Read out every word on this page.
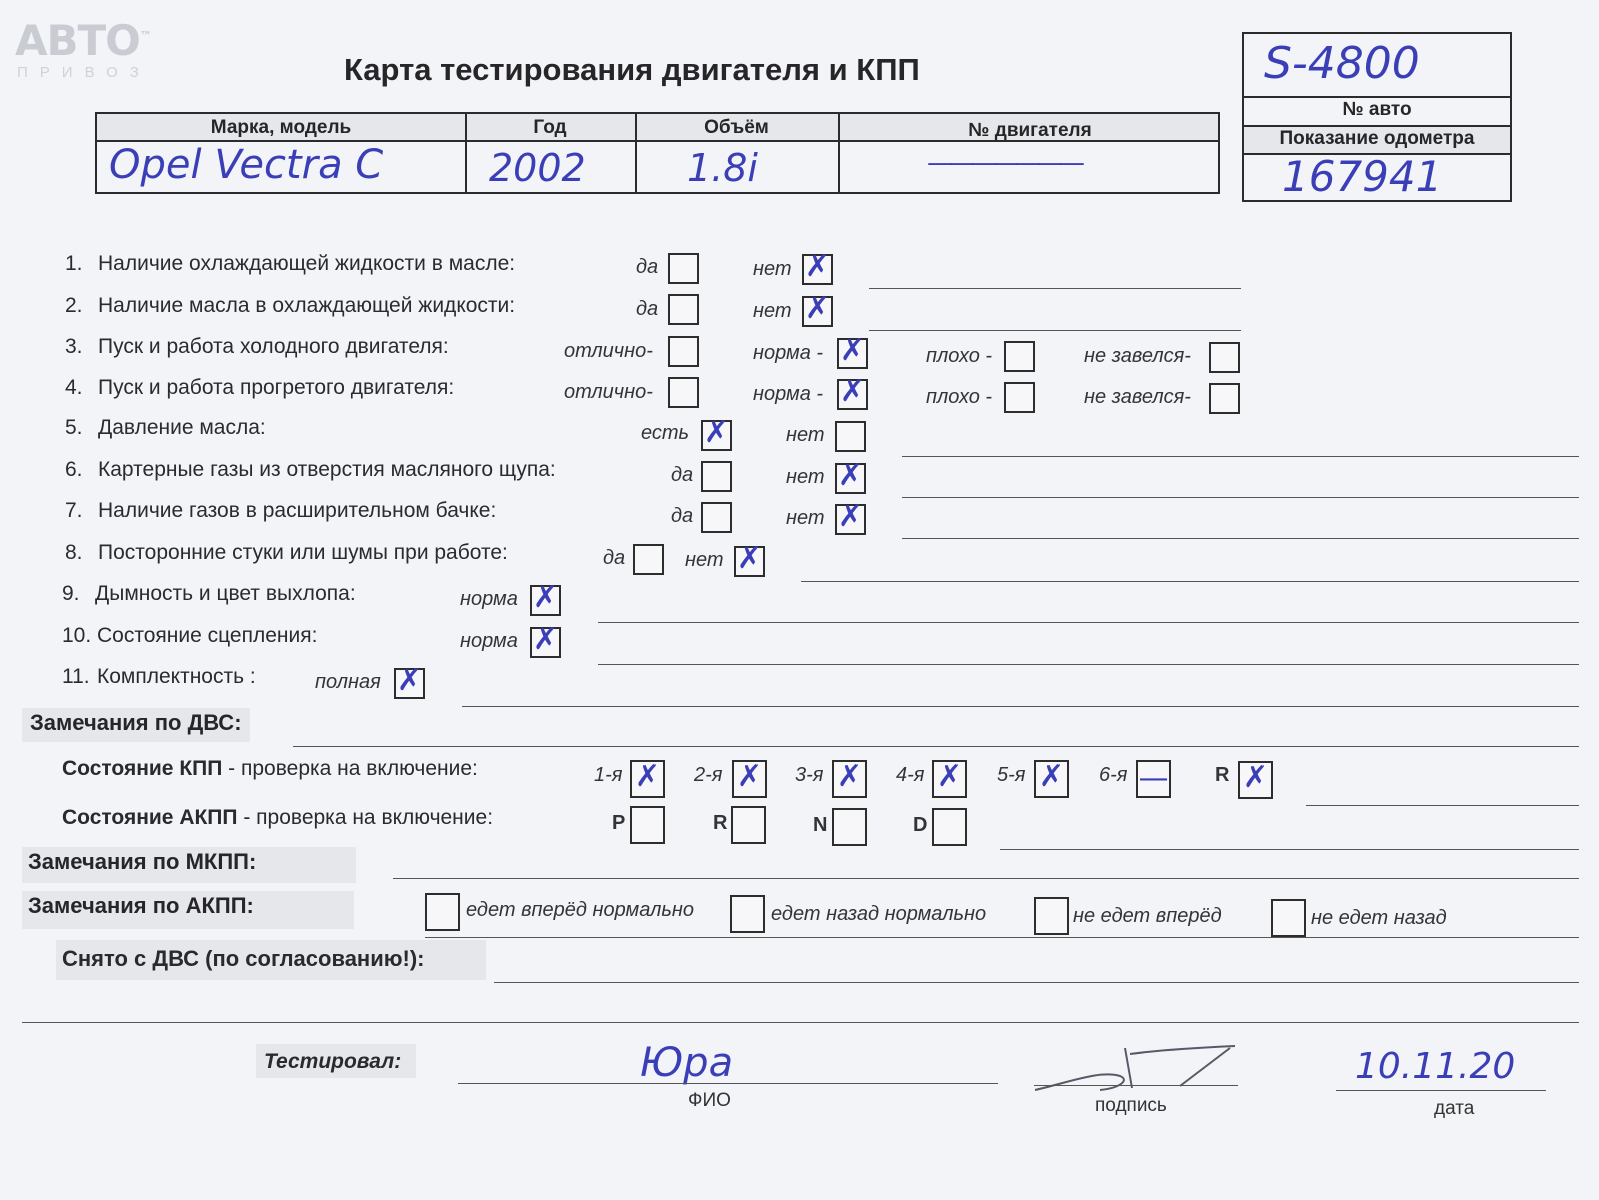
АВТО™
ПРИВОЗ	Карта тестирования двигателя и КПП	S-4800
№ авто
Показание одометра
167941
Марка, модель	Год	Объём	№ двигателя
Opel Vectra C	2002	1.8i	———————
1. Наличие охлаждающей жидкости в масле:	да	нет ✗
2. Наличие масла в охлаждающей жидкости:	да	нет ✗
3. Пуск и работа холодного двигателя:	отлично-	норма - ✗	плохо -	не завелся-
4. Пуск и работа прогретого двигателя:	отлично-	норма - ✗	плохо -	не завелся-
5. Давление масла:	есть ✗	нет
6. Картерные газы из отверстия масляного щупа:	да	нет ✗
7. Наличие газов в расширительном бачке:	да	нет ✗
8. Посторонние стуки или шумы при работе:	да	нет ✗
9. Дымность и цвет выхлопа:	норма ✗
10. Состояние сцепления:	норма ✗
11. Комплектность :	полная ✗
Замечания по ДВС:
Состояние КПП - проверка на включение:	1-я ✗ 2-я ✗ 3-я ✗ 4-я ✗ 5-я ✗ 6-я — R ✗
Состояние АКПП - проверка на включение:	P	R	N	D
Замечания по МКПП:
Замечания по АКПП:	едет вперёд нормально	едет назад нормально	не едет вперёд	не едет назад
Снято с ДВС (по согласованию!):
Тестировал:	Юра
ФИО	подпись
10.11.20
дата
